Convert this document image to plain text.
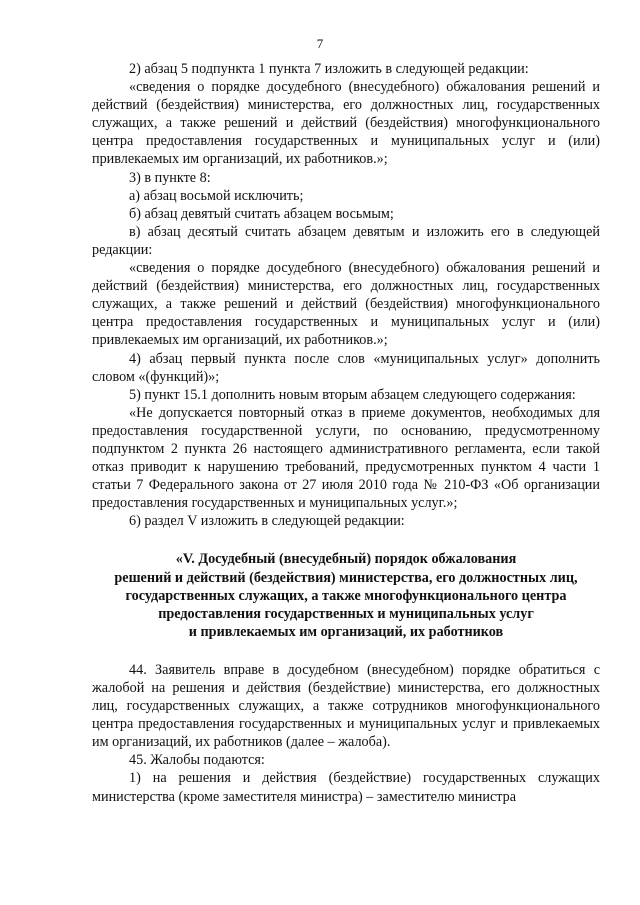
7

2) абзац 5 подпункта 1 пункта 7 изложить в следующей редакции:

«сведения о порядке досудебного (внесудебного) обжалования решений и действий (бездействия) министерства, его должностных лиц, государственных служащих, а также решений и действий (бездействия) многофункционального центра предоставления государственных и муниципальных услуг и (или) привлекаемых им организаций, их работников.»;

3) в пункте 8:

а) абзац восьмой исключить;

б) абзац девятый считать абзацем восьмым;

в) абзац десятый считать абзацем девятым и изложить его в следующей редакции:

«сведения о порядке досудебного (внесудебного) обжалования решений и действий (бездействия) министерства, его должностных лиц, государственных служащих, а также решений и действий (бездействия) многофункционального центра предоставления государственных и муниципальных услуг и (или) привлекаемых им организаций, их работников.»;

4) абзац первый пункта после слов «муниципальных услуг» дополнить словом «(функций)»;

5) пункт 15.1 дополнить новым вторым абзацем следующего содержания:

«Не допускается повторный отказ в приеме документов, необходимых для предоставления государственной услуги, по основанию, предусмотренному подпунктом 2 пункта 26 настоящего административного регламента, если такой отказ приводит к нарушению требований, предусмотренных пунктом 4 части 1 статьи 7 Федерального закона от 27 июля 2010 года № 210-ФЗ «Об организации предоставления государственных и муниципальных услуг.»;

6) раздел V изложить в следующей редакции:

«V. Досудебный (внесудебный) порядок обжалования
решений и действий (бездействия) министерства, его должностных лиц,
государственных служащих, а также многофункционального центра
предоставления государственных и муниципальных услуг
и привлекаемых им организаций, их работников

44. Заявитель вправе в досудебном (внесудебном) порядке обратиться с жалобой на решения и действия (бездействие) министерства, его должностных лиц, государственных служащих, а также сотрудников многофункционального центра предоставления государственных и муниципальных услуг и привлекаемых им организаций, их работников (далее – жалоба).

45. Жалобы подаются:

1) на решения и действия (бездействие) государственных служащих министерства (кроме заместителя министра) – заместителю министра
